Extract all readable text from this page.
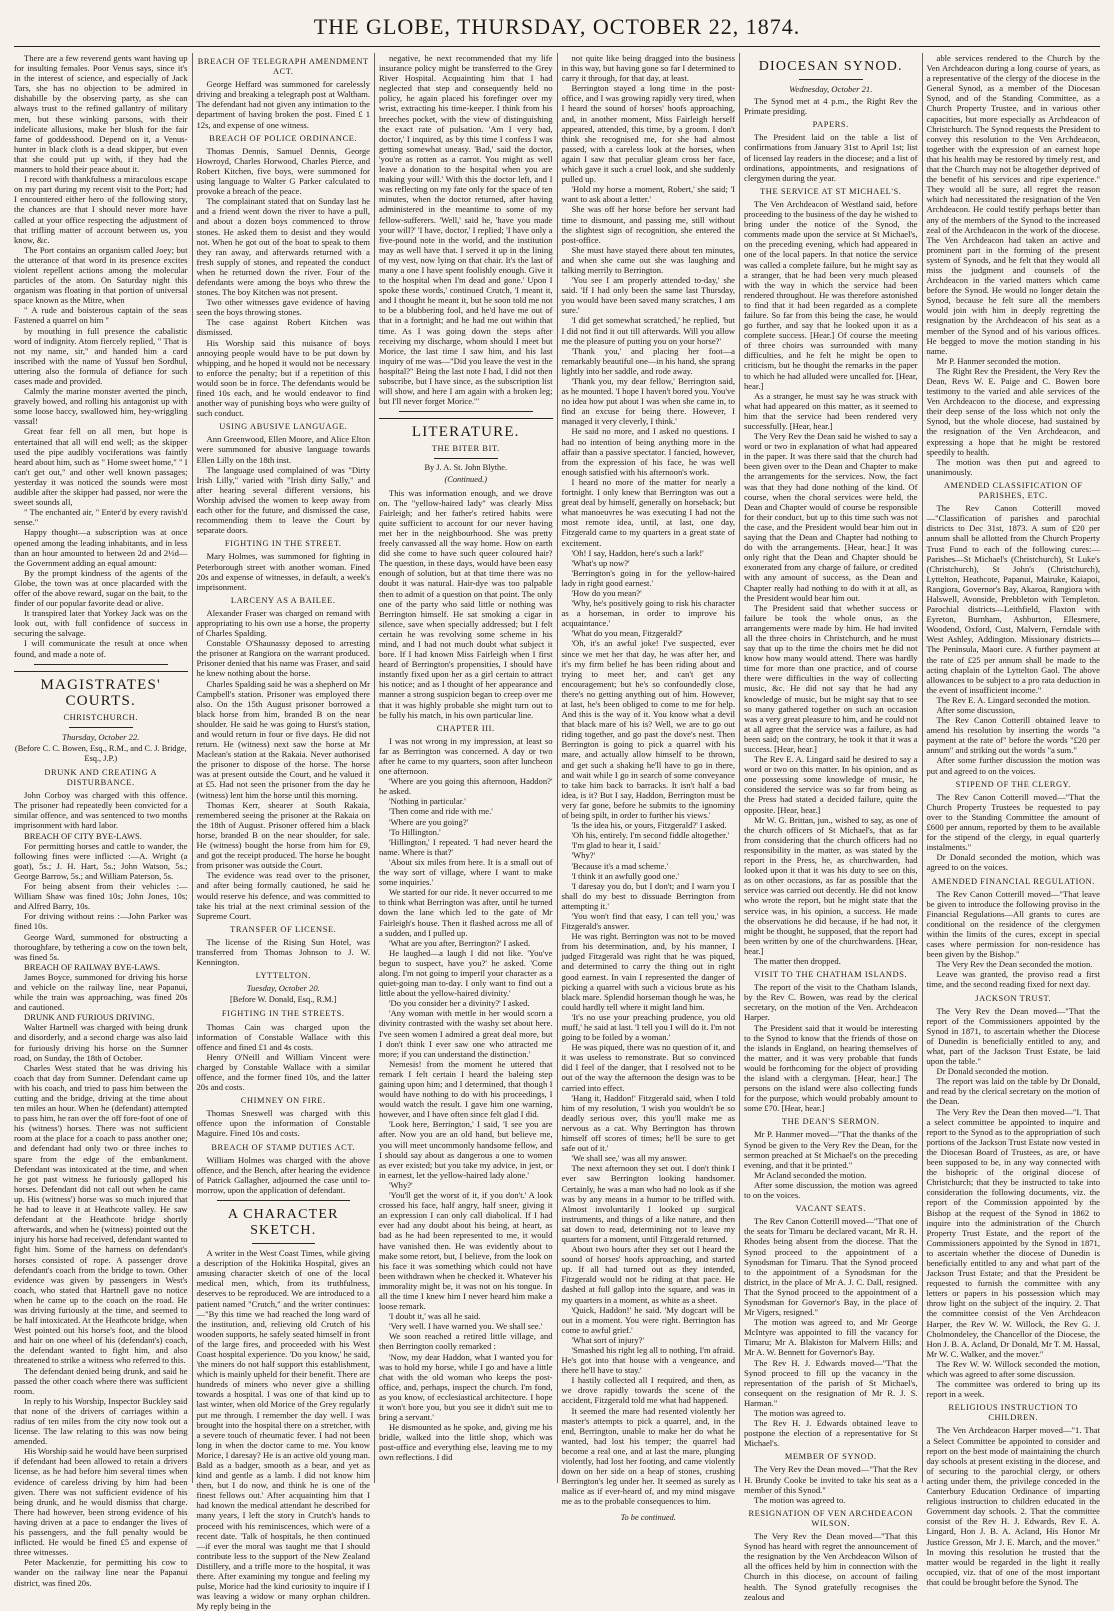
THE GLOBE, THURSDAY, OCTOBER 22, 1874.

There are a few reverend gents want having up for insulting females. Poor Venus says, since it's in the interest of science, and especially of Jack Tars, she has no objection to be admired in dishabille by the observing party, as she can always trust to the refined gallantry of military men, but these winking parsons, with their indelicate allusions, make her blush for the fair fame of goddesshood. Depend on it, a Venus-hunter in black cloth is a dead skipper, but even that she could put up with, if they had the manners to hold their peace about it.

I record with thankfulness a miraculous escape on my part during my recent visit to the Port; had I encountered either hero of the following story, the chances are that I should never more have called at your office respecting the adjustment of that trifling matter of account between us, you know, &c.

The Port contains an organism called Joey; but the utterance of that word in its presence excites violent repellent actions among the molecular particles of the atom. On Saturday night this organism was floating in that portion of universal space known as the Mitre, when

" A rude and boisterous captain of the seas Fastened a quarrel on him "

by mouthing in full presence the cabalistic word of indignity. Atom fiercely replied, " That is not my name, sir," and handed him a card inscribed with the name of Yussuf ben Sordhul, uttering also the formula of defiance for such cases made and provided.

Calmly the marine monster averted the pinch, gravely bowed, and rolling his antagonist up with some loose baccy, swallowed him, hey-wriggling vassal!

Great fear fell on all men, but hope is entertained that all will end well; as the skipper used the pipe audibly vociferations was faintly heard about him, such as " Home sweet home," " I can't get out," and other well known passages; yesterday it was noticed the sounds were most audible after the skipper had passed, nor were the sweet sounds all,

" The enchanted air, " Enter'd by every ravish'd sense."

Happy thought—a subscription was at once opened among the leading inhabitants, and in less than an hour amounted to between 2d and 2½d—the Government adding an equal amount:

By the prompt kindness of the agents of the Globe, the town was at once placarded with the offer of the above reward, sugar on the bait, to the finder of our popular favorite dead or alive.

It transpired later that Yorkey Jack was on the look out, with full confidence of success in securing the salvage.

I will communicate the result at once when found, and made a note of.

MAGISTRATES' COURTS.
CHRISTCHURCH.
Thursday, October 22.
(Before C. C. Bowen, Esq., R.M., and C. J. Bridge, Esq., J.P.)
DRUNK AND CREATING A DISTURBANCE.

John Corboy was charged with this offence. The prisoner had repeatedly been convicted for a similar offence, and was sentenced to two months imprisonment with hard labor.

BREACH OF CITY BYE-LAWS.

For permitting horses and cattle to wander, the following fines were inflicted :—A. Wright (a goat), 5s.; J. H. Hart, 5s.; John Watson, 5s.; George Barrow, 5s.; and William Paterson, 5s.

For being absent from their vehicles :—William Shaw was fined 10s; John Jones, 10s; and Alfred Barry, 10s.

For driving without reins :—John Parker was fined 10s.

George Ward, summoned for obstructing a thoroughfare, by tethering a cow on the town belt, was fined 5s.

BREACH OF RAILWAY BYE-LAWS.

James Boyce, summoned for driving his horse and vehicle on the railway line, near Papanui, while the train was approaching, was fined 20s and cautioned.

DRUNK AND FURIOUS DRIVING.

Walter Hartnell was charged with being drunk and disorderly, and a second charge was also laid for furiously driving his horse on the Sumner road, on Sunday, the 18th of October.

Charles West stated that he was driving his coach that day from Sumner. Defendant came up with his coach, and tried to pass him between the cutting and the bridge, driving at the time about ten miles an hour. When he (defendant) attempted to pass him, he ran over the off fore-foot of one of his (witness') horses. There was not sufficient room at the place for a coach to pass another one; and defendant had only two or three inches to spare from the edge of the embankment. Defendant was intoxicated at the time, and when he got past witness he furiously galloped his horses. Defendant did not call out when he came up. His (witness') horse was so much injured that he had to leave it at Heathcote valley. He saw defendant at the Heathcote bridge shortly afterwards, and when he (witness) pointed out the injury his horse had received, defendant wanted to fight him. Some of the harness on defendant's horses consisted of rope. A passenger drove defendant's coach from the bridge to town. Other evidence was given by passengers in West's coach, who stated that Hartnell gave no notice when he came up to the coach on the road. He was driving furiously at the time, and seemed to be half intoxicated. At the Heathcote bridge, when West pointed out his horse's foot, and the blood and hair on one wheel of his (defendant's) coach, the defendant wanted to fight him, and also threatened to strike a witness who referred to this.

The defendant denied being drunk, and said he passed the other coach where there was sufficient room.

In reply to his Worship, Inspector Buckley said that none of the drivers of carriages within a radius of ten miles from the city now took out a license. The law relating to this was now being amended.

His Worship said he would have been surprised if defendant had been allowed to retain a drivers license, as he had before him several times when evidence of careless driving by him had been given. There was not sufficient evidence of his being drunk, and he would dismiss that charge. There had however, been strong evidence of his having driven at a pace to endanger the lives of his passengers, and the full penalty would be inflicted. He would be fined £5 and expense of three witnesses.

Peter Mackenzie, for permitting his cow to wander on the railway line near the Papanui district, was fined 20s.

BREACH OF TELEGRAPH AMENDMENT ACT.

George Heffard was summoned for carelessly driving and breaking a telegraph post at Waltham. The defendant had not given any intimation to the department of having broken the post. Fined £ 1 12s, and expense of one witness.

BREACH OF POLICE ORDINANCE.

Thomas Dennis, Samuel Dennis, George Howroyd, Charles Horwood, Charles Pierce, and Robert Kitchen, five boys, were summoned for using language to Walter G Parker calculated to provoke a breach of the peace.

The complainant stated that on Sunday last he and a friend went down the river to have a pull, and about a dozen boys commenced to throw stones. He asked them to desist and they would not. When he got out of the boat to speak to them they ran away, and afterwards returned with a fresh supply of stones, and repeated the conduct when he returned down the river. Four of the defendants were among the boys who threw the stones. The boy Kitchen was not present.

Two other witnesses gave evidence of having seen the boys throwing stones.

The case against Robert Kitchen was dismissed.

His Worship said this nuisance of boys annoying people would have to be put down by whipping, and he hoped it would not be necessary to enforce the penalty; but if a repetition of this would soon be in force. The defendants would be fined 10s each, and he would endeavor to find another way of punishing boys who were guilty of such conduct.

USING ABUSIVE LANGUAGE.

Ann Greenwood, Ellen Moore, and Alice Elton were summoned for abusive language towards Ellen Lilly on the 18th inst.

The language used complained of was "Dirty Irish Lilly," varied with "Irish dirty Sally," and after hearing several different versions, his Worship advised the women to keep away from each other for the future, and dismissed the case, recommending them to leave the Court by separate doors.

FIGHTING IN THE STREET.

Mary Holmes, was summoned for fighting in Peterborough street with another woman. Fined 20s and expense of witnesses, in default, a week's imprisonment.

LARCENY AS A BAILEE.

Alexander Fraser was charged on remand with appropriating to his own use a horse, the property of Charles Spalding.

Constable O'Shaunassy deposed to arresting the prisoner at Rangiora on the warrant produced. Prisoner denied that his name was Fraser, and said he knew nothing about the horse.

Charles Spalding said he was a shepherd on Mr Campbell's station. Prisoner was employed there also. On the 15th August prisoner borrowed a black horse from him, branded B on the near shoulder. He said he was going to Hurst's station, and would return in four or five days. He did not return. He (witness) next saw the horse at Mr Maclean's station at the Rakaia. Never authorised the prisoner to dispose of the horse. The horse was at present outside the Court, and he valued it at £5. Had not seen the prisoner from the day he (witness) lent him the horse until this morning.

Thomas Kerr, shearer at South Rakaia, remembered seeing the prisoner at the Rakaia on the 18th of August. Prisoner offered him a black horse, branded B on the near shoulder, for sale. He (witness) bought the horse from him for £9, and got the receipt produced. The horse he bought from prisoner was outside the Court.

The evidence was read over to the prisoner, and after being formally cautioned, he said he would reserve his defence, and was committed to take his trial at the next criminal session of the Supreme Court.

TRANSFER OF LICENSE.

The license of the Rising Sun Hotel, was transferred from Thomas Johnson to J. W. Kennington.

LYTTELTON.
Tuesday, October 20.
[Before W. Donald, Esq., R.M.]
FIGHTING IN THE STREETS.

Thomas Cain was charged upon the information of Constable Wallace with this offence and fined £1 and 4s costs.

Henry O'Neill and William Vincent were charged by Constable Wallace with a similar offence, and the former fined 10s, and the latter 20s and costs.

CHIMNEY ON FIRE.

Thomas Sneswell was charged with this offence upon the information of Constable Maguire. Fined 10s and costs.

BREACH OF STAMP DUTIES ACT.

William Holmes was charged with the above offence, and the Bench, after hearing the evidence of Patrick Gallagher, adjourned the case until to-morrow, upon the application of defendant.

A CHARACTER SKETCH.

A writer in the West Coast Times, while giving a description of the Hokitika Hospital, gives an amusing character sketch of one of the local medical men, which, from its truthfulness, deserves to be reproduced. We are introduced to a patient named "Crutch," and the writer continues:—"By this time we had reached the long ward of the institution, and, relieving old Crutch of his wooden supports, he safely seated himself in front of the large fires, and proceeded with his West Coast hospital experience. 'Do you know,' he said, 'the miners do not half support this establishment, which is mainly upheld for their benefit. There are hundreds of miners who never give a shilling towards a hospital. I was one of that kind up to last winter, when old Morice of the Grey regularly put me through. I remember the day well. I was brought into the hospital there on a stretcher, with a severe touch of rheumatic fever. I had not been long in when the doctor came to me. You know Morice, I daresay? He is an active old young man. Bald as a badger, smooth as a bear, and yet as kind and gentle as a lamb. I did not know him then, but I do now, and think he is one of the finest fellows out.' After acquainting him that I had known the medical attendant he described for many years, I left the story in Crutch's hands to proceed with his reminiscences, which were of a recent date. 'Talk of hospitals, he then continued—if ever the moral was taught me that I should contribute less to the support of the New Zealand Distillery, and a trifle more to the hospital, it was there. After examining my tongue and feeling my pulse, Morice had the kind curiosity to inquire if I was leaving a widow or many orphan children. My reply being in the

negative, he next recommended that my life insurance policy might be transferred to the Grey River Hospital. Acquainting him that I had neglected that step and consequently held no policy, he again placed his forefinger over my wrist, extracting his time-keeper. I think from his breeches pocket, with the view of distinguishing the exact rate of pulsation. 'Am I very bad, doctor,' I inquired, as by this time I confess I was getting somewhat uneasy. 'Bad,' said the doctor, 'you're as rotten as a carrot. You might as well leave a donation to the hospital when you are making your will.' With this the doctor left, and I was reflecting on my fate only for the space of ten minutes, when the doctor returned, after having administered in the meantime to some of my fellow-sufferers. 'Well,' said he, 'have you made your will?' 'I have, doctor,' I replied; 'I have only a five-pound note in the world, and the institution may as well have that. I served it up in the lining of my vest, now lying on that chair. It's the last of many a one I have spent foolishly enough. Give it to the hospital when I'm dead and gone.' Upon I spoke these words,' continued Crutch, 'I meant it, and I thought he meant it, but he soon told me not to be a blubbering fool, and he'd have me out of that in a fortnight; and he had me out within that time. As I was going down the steps after receiving my discharge, whom should I meet but Morice, the last time I saw him, and his last inquiry of me was—"Did you leave the vest in the hospital?" Being the last note I had, I did not then subscribe, but I have since, as the subscription list will show, and here I am again with a broken leg; but I'll never forget Morice.'"

LITERATURE.
THE BITER BIT.
By J. A. St. John Blythe.
(Continued.)

This was information enough, and we drove on. The "yellow-haired lady" was clearly Miss Fairleigh; and her father's retired habits were quite sufficient to account for our never having met her in the neighbourhood. She was pretty freely canvassed all the way home. How on earth did she come to have such queer coloured hair? The question, in these days, would have been easy enough of solution, but at that time there was no doubt it was natural. Hair-dye was too palpable then to admit of a question on that point. The only one of the party who said little or nothing was Berrington himself. He sat smoking a cigar in silence, save when specially addressed; but I felt certain he was revolving some scheme in his mind, and I had not much doubt what subject it bore. If I had known Miss Fairleigh when I first heard of Berrington's propensities, I should have instantly fixed upon her as a girl certain to attract his notice; and as I thought of her appearance and manner a strong suspicion began to creep over me that it was highly probable she might turn out to be fully his match, in his own particular line.

CHAPTER III.

I was not wrong in my impression, at least so far as Berrington was concerned. A day or two after he came to my quarters, soon after luncheon one afternoon.

'Where are you going this afternoon, Haddon?' he asked.

'Nothing in particular.'

'Then come and ride with me.'

'Where are you going?'

'To Hillington.'

'Hillington,' I repeated. 'I had never heard the name. Where is that?'

'About six miles from here. It is a small out of the way sort of village, where I want to make some inquiries.'

We started for our ride. It never occurred to me to think what Berrington was after, until he turned down the lane which led to the gate of Mr Fairleigh's house. Then it flashed across me all of a sudden, and I pulled up.

'What are you after, Berrington?' I asked.

He laughed—a laugh I did not like. 'You've begun to suspect, have you?' he asked. 'Come along. I'm not going to imperil your character as a quiet-going man to-day. I only want to find out a little about the yellow-haired divinity.'

'Do you consider her a divinity?' I asked.

'Any woman with mettle in her would scorn a divinity contrasted with the washy set about here. I've seen women I admired a great deal more, but I don't think I ever saw one who attracted me more; if you can understand the distinction.'

Nemesis! from the moment he uttered that remark I felt certain I heard the baleing step gaining upon him; and I determined, that though I would have nothing to do with his proceedings, I would watch the result. I gave him one warning, however, and I have often since felt glad I did.

'Look here, Berrington,' I said, 'I see you are after. Now you are an old hand, but believe me, you will meet uncommonly handsome fellow, and I should say about as dangerous a one to women as ever existed; but you take my advice, in jest, or in earnest, let the yellow-haired lady alone.'

'Why?'

'You'll get the worst of it, if you don't.' A look crossed his face, half angry, half sneer, giving it an expression I can only call diabolical. If I had ever had any doubt about his being, at heart, as bad as he had been represented to me, it would have vanished then. He was evidently about to make some retort, but, I believe, from the look on his face it was something which could not have been withdrawn when he checked it. Whatever his immorality might be, it was not on his tongue. In all the time I knew him I never heard him make a loose remark.

'I doubt it,' was all he said.

'Very well. I have warned you. We shall see.'

We soon reached a retired little village, and then Berrington coolly remarked :

'Now, my dear Haddon, what I wanted you for was to hold my horse, while I go and have a little chat with the old woman who keeps the post-office, and, perhaps, inspect the church. I'm fond, as you know, of ecclesiastical architecture. I hope it won't bore you, but you see it didn't suit me to bring a servant.'

He dismounted as he spoke, and, giving me his bridle, walked into the little shop, which was post-office and everything else, leaving me to my own reflections. I did

not quite like being dragged into the business in this way, but having gone so far I determined to carry it through, for that day, at least.

Berrington stayed a long time in the post-office, and I was growing rapidly very tired, when I heard the sound of horses' hoofs approaching, and, in another moment, Miss Fairleigh herself appeared, attended, this time, by a groom. I don't think she recognised me, for she had almost passed, with a careless look at the horses, when again I saw that peculiar gleam cross her face, which gave it such a cruel look, and she suddenly pulled up.

'Hold my horse a moment, Robert,' she said; 'I want to ask about a letter.'

She was off her horse before her servant had time to dismount, and passing me, still without the slightest sign of recognition, she entered the post-office.

She must have stayed there about ten minutes, and when she came out she was laughing and talking merrily to Berrington.

'You see I am properly attended to-day,' she said. 'If I had only been the same last Thursday, you would have been saved many scratches, I am sure.'

'I did get somewhat scratched,' he replied, 'but I did not find it out till afterwards. Will you allow me the pleasure of putting you on your horse?'

'Thank you,' and placing her foot—a remarkably beautiful one—in his hand, she sprang lightly into her saddle, and rode away.

'Thank you, my dear fellow,' Berrington said, as he mounted. 'I hope I haven't bored you. You've no idea how put about I was when she came in, to find an excuse for being there. However, I managed it very cleverly, I think.'

He said no more, and I asked no questions. I had no intention of being anything more in the affair than a passive spectator. I fancied, however, from the expression of his face, he was well enough satisfied with his afternoon's work.

I heard no more of the matter for nearly a fortnight. I only knew that Berrington was out a great deal by himself, generally on horseback; but what manoeuvres he was executing I had not the most remote idea, until, at last, one day, Fitzgerald came to my quarters in a great state of excitement.

'Oh! I say, Haddon, here's such a lark!'

'What's up now?'

'Berrington's going in for the yellow-haired lady in right good earnest.'

'How do you mean?'

'Why, he's positively going to risk his character as a horseman, in order to improve his acquaintance.'

'What do you mean, Fitzgerald?'

'Oh, it's an awful joke! I've suspected, ever since we met her that day, he was after her, and it's my firm belief he has been riding about and trying to meet her, and can't get any encouragement; but he's so confoundedly close, there's no getting anything out of him. However, at last, he's been obliged to come to me for help. And this is the way of it. You know what a devil that black mare of his is? Well, we are to go out riding together, and go past the dove's nest. Then Berrington is going to pick a quarrel with his mare, and actually allow himself to be thrown, and get such a shaking he'll have to go in there, and wait while I go in search of some conveyance to take him back to barracks. It isn't half a bad idea, is it? But I say, Haddon, Berrington must be very far gone, before he submits to the ignominy of being spilt, in order to further his views.'

'Is the idea his, or yours, Fitzgerald?' I asked.

'Oh his, entirely. I'm second fiddle altogether.'

'I'm glad to hear it, I said.'

'Why?'

'Because it's a mad scheme.'

'I think it an awfully good one.'

'I daresay you do, but I don't; and I warn you I shall do my best to dissuade Berrington from attempting it.'

'You won't find that easy, I can tell you,' was Fitzgerald's answer.

He was right. Berrington was not to be moved from his determination, and, by his manner, I judged Fitzgerald was right that he was piqued, and determined to carry the thing out in right good earnest. In vain I represented the danger of picking a quarrel with such a vicious brute as his black mare. Splendid horseman though he was, he could hardly tell where it might land him.

'It's no use your preaching prudence, you old muff,' he said at last. 'I tell you I will do it. I'm not going to be foiled by a woman.'

He was piqued, there was no question of it, and it was useless to remonstrate. But so convinced did I feel of the danger, that I resolved not to be out of the way the afternoon the design was to be carried into effect.

'Hang it, Haddon!' Fitzgerald said, when I told him of my resolution, 'I wish you wouldn't be so deadly serious over, this you'll make me as nervous as a cat. Why Berrington has thrown himself off scores of times; he'll be sure to get safe out of it.'

'We shall see,' was all my answer.

The next afternoon they set out. I don't think I ever saw Berrington looking handsomer. Certainly, he was a man who had no look as if she was by any means in a humor to be trifled with. Almost involuntarily I looked up surgical instruments, and things of a like nature, and then sat down to read, determining not to leave my quarters for a moment, until Fitzgerald returned.

About two hours after they set out I heard the sound of horses' hoofs approaching, and started up. If all had turned out as they intended, Fitzgerald would not be riding at that pace. He dashed at full gallop into the square, and was in my quarters in a moment, as white as a sheet.

'Quick, Haddon!' he said. 'My dogcart will be out in a moment. You were right. Berrington has come to awful grief.'

'What sort of injury?'

'Smashed his right leg all to nothing, I'm afraid. He's got into that house with a vengeance, and there he'll have to stay.'

I hastily collected all I required, and then, as we drove rapidly towards the scene of the accident, Fitzgerald told me what had happened.

It seemed the mare had resented violently her master's attempts to pick a quarrel, and, in the end, Berrington, unable to make her do what he wanted, had lost his temper; the quarrel had become a real one, and at last the mare, plunging violently, had lost her footing, and came violently down on her side on a heap of stones, crushing Berrington's leg under her. It seemed as surely as malice as if ever-heard of, and my mind misgave me as to the probable consequences to him.

To be continued.
DIOCESAN SYNOD.
Wednesday, October 21.

The Synod met at 4 p.m., the Right Rev the Primate presiding.

PAPERS.

The President laid on the table a list of confirmations from January 31st to April 1st; list of licensed lay readers in the diocese; and a list of ordinations, appointments, and resignations of clergymen during the year.

THE SERVICE AT ST MICHAEL'S.

The Ven Archdeacon of Westland said, before proceeding to the business of the day he wished to bring under the notice of the Synod, the comments made upon the service at St Michael's, on the preceding evening, which had appeared in one of the local papers. In that notice the service was called a complete failure, but he might say as a stranger, that he had been very much pleased with the way in which the service had been rendered throughout. He was therefore astonished to find that it had been regarded as a complete failure. So far from this being the case, he would go further, and say that he looked upon it as a complete success. [Hear.] Of course the meeting of three choirs was surrounded with many difficulties, and he felt he might be open to criticism, but he thought the remarks in the paper to which he had alluded were uncalled for. [Hear, hear.]

As a stranger, he must say he was struck with what had appeared on this matter, as it seemed to him that the service had been rendered very successfully. [Hear, hear.]

The Very Rev the Dean said he wished to say a word or two in explanation of what had appeared in the paper. It was there said that the church had been given over to the Dean and Chapter to make the arrangements for the services. Now, the fact was that they had done nothing of the kind. Of course, when the choral services were held, the Dean and Chapter would of course be responsible for their conduct, but up to this time such was not the case, and the President would bear him out in saying that the Dean and Chapter had nothing to do with the arrangements. [Hear, hear.] It was only right that the Dean and Chapter should be exonerated from any charge of failure, or credited with any amount of success, as the Dean and Chapter really had nothing to do with it at all, as the President would bear him out.

The President said that whether success or failure be took the whole onus, as the arrangements were made by him. He had invited all the three choirs in Christchurch, and he must say that up to the time the choirs met he did not know how many would attend. There was hardly time for more than one practice, and of course there were difficulties in the way of collecting music, &c. He did not say that he had any knowledge of music, but he might say that to see so many gathered together on such an occasion was a very great pleasure to him, and he could not at all agree that the service was a failure, as had been said; on the contrary, he took it that it was a success. [Hear, hear.]

The Rev E. A. Lingard said he desired to say a word or two on this matter. In his opinion, and as one possessing some knowledge of music, he considered the service was so far from being as the Press had stated a decided failure, quite the opposite. [Hear, hear.]

Mr W. G. Brittan, jun., wished to say, as one of the church officers of St Michael's, that as far from considering that the church officers had no responsibility in the matter, as was stated by the report in the Press, he, as churchwarden, had looked upon it that it was his duty to see on this, as on other occasions, as far as possible that the service was carried out decently. He did not know who wrote the report, but he might state that the service was, in his opinion, a success. He made the observations he did because, if he had not, it might be thought, he supposed, that the report had been written by one of the churchwardens. [Hear, hear.]

The matter then dropped.

VISIT TO THE CHATHAM ISLANDS.

The report of the visit to the Chatham Islands, by the Rev C. Bowen, was read by the clerical secretary, on the motion of the Ven. Archdeacon Harper.

The President said that it would be interesting to the Synod to know that the friends of those on the islands in England, on hearing themselves of the matter, and it was very probable that funds would be forthcoming for the object of providing the island with a clergyman. [Hear, hear.] The persons on the island were also collecting funds for the purpose, which would probably amount to some £70. [Hear, hear.]

THE DEAN'S SERMON.

Mr P. Hanmer moved—"That the thanks of the Synod be given to the Very Rev the Dean, for the sermon preached at St Michael's on the preceding evening, and that it be printed."

Mr Acland seconded the motion.

After some discussion, the motion was agreed to on the voices.

VACANT SEATS.

The Rev Canon Cotterill moved—"That one of the seats for Timaru be declared vacant, Mr R. H. Rhodes being absent from the diocese. That the Synod proceed to the appointment of a Synodsman for Timaru. That the Synod proceed to the appointment of a Synodsman for the district, in the place of Mr A. J. C. Dall, resigned. That the Synod proceed to the appointment of a Synodsman for Governor's Bay, in the place of Mr Vigers, resigned."

The motion was agreed to, and Mr George McIntyre was appointed to fill the vacancy for Timaru; Mr A. Blakiston for Malvern Hills; and Mr A. W. Bennett for Governor's Bay.

The Rev H. J. Edwards moved—"That the Synod proceed to fill up the vacancy in the representation of the parish of St Michael's, consequent on the resignation of Mr R. J. S. Harman."

The motion was agreed to.

The Rev H. J. Edwards obtained leave to postpone the election of a representative for St Michael's.

MEMBER OF SYNOD.

The Very Rev the Dean moved—"That the Rev H. Brundy Cooke be invited to take his seat as a member of this Synod."

The motion was agreed to.

RESIGNATION OF VEN ARCHDEACON WILSON.

The Very Rev the Dean moved—"That this Synod has heard with regret the announcement of the resignation by the Ven Archdeacon Wilson of all the offices held by him in connection with the Church in this diocese, on account of failing health. The Synod gratefully recognises the zealous and

able services rendered to the Church by the Ven Archdeacon during a long course of years, as a representative of the clergy of the diocese in the General Synod, as a member of the Diocesan Synod, and of the Standing Committee, as a Church Property Trustee, and in various other capacities, but more especially as Archdeacon of Christchurch. The Synod requests the President to convey this resolution to the Ven Archdeacon, together with the expression of an earnest hope that his health may be restored by timely rest, and that the Church may not be altogether deprived of the benefit of his services and ripe experience." They would all be sure, all regret the reason which had necessitated the resignation of the Ven Archdeacon. He could testify perhaps better than any of the members of the Synod to the increased zeal of the Archdeacon in the work of the diocese. The Ven Archdeacon had taken an active and prominent part in the forming of the present system of Synods, and he felt that they would all miss the judgment and counsels of the Archdeacon in the varied matters which came before the Synod. He would no longer detain the Synod, because he felt sure all the members would join with him in deeply regretting the resignation by the Archdeacon of his seat as a member of the Synod and of his various offices. He begged to move the motion standing in his name.

Mr P. Hanmer seconded the motion.

The Right Rev the President, the Very Rev the Dean, Revs W. E. Paige and C. Bowen bore testimony to the varied and able services of the Ven Archdeacon to the diocese, and expressing their deep sense of the loss which not only the Synod, but the whole diocese, had sustained by the resignation of the Ven Archdeacon, and expressing a hope that he might be restored speedily to health.

The motion was then put and agreed to unanimously.

AMENDED CLASSIFICATION OF PARISHES, ETC.

The Rev Canon Cotterill moved—"Classification of parishes and parochial districts to Dec 31st, 1873. A sum of £20 per annum shall be allotted from the Church Property Trust Fund to each of the following cures:—Parishes—St Michael's (Christchurch), St Luke's (Christchurch), St John's (Christchurch), Lyttelton, Heathcote, Papanui, Mairuke, Kaiapoi, Rangiora, Governor's Bay, Akaroa, Rangiora with Halswell, Avonside, Prebbleton with Templeton. Parochial districts—Leithfield, Flaxton with Eyreton, Burnham, Ashburton, Ellesmere, Woodend, Oxford, Cust, Malvern, Ferndale with West Ashley, Addington. Missionary districts—The Peninsula, Maori cure. A further payment at the rate of £25 per annum shall be made to the acting chaplain of the Lyttelton Gaol. The above allowances to be subject to a pro rata deduction in the event of insufficient income."

The Rev E. A. Lingard seconded the motion.

After some discussion,

The Rev Canon Cotterill obtained leave to amend his resolution by inserting the words "a payment at the rate of" before the words "£20 per annum" and striking out the words "a sum."

After some further discussion the motion was put and agreed to on the voices.

STIPEND OF THE CLERGY.

The Rev Canon Cotterill moved—"That the Church Property Trustees be requested to pay over to the Standing Committee the amount of £600 per annum, reported by them to be available for the stipend of the clergy, in equal quarterly instalments."

Dr Donald seconded the motion, which was agreed to on the voices.

AMENDED FINANCIAL REGULATION.

The Rev Canon Cotterill moved—"That leave be given to introduce the following proviso in the Financial Regulations—All grants to cures are conditional on the residence of the clergymen within the limits of the cures, except in special cases where permission for non-residence has been given by the Bishop."

The Very Rev the Dean seconded the motion.

Leave was granted, the proviso read a first time, and the second reading fixed for next day.

JACKSON TRUST.

The Very Rev the Dean moved—"That the report of the Commissioners appointed by the Synod in 1871, to ascertain whether the Diocese of Dunedin is beneficially entitled to any, and what, part of the Jackson Trust Estate, be laid upon the table."

Dr Donald seconded the motion.

The report was laid on the table by Dr Donald, and read by the clerical secretary on the motion of the Dean.

The Very Rev the Dean then moved—"I. That a select committee be appointed to inquire and report to the Synod as to the appropriation of such portions of the Jackson Trust Estate now vested in the Diocesan Board of Trustees, as are, or have been supposed to be, in any way connected with the bishopric of the original diocese of Christchurch; that they be instructed to take into consideration the following documents, viz. the report of the Commission appointed by the Bishop at the request of the Synod in 1862 to inquire into the administration of the Church Property Trust Estate, and the report of the Commissioners appointed by the Synod in 1871, to ascertain whether the diocese of Dunedin is beneficially entitled to any and what part of the Jackson Trust Estate; and that the President be requested to furnish the committee with any letters or papers in his possession which may throw light on the subject of the inquiry. 2. That the committee consist of the Ven Archdeacon Harper, the Rev W. W. Willock, the Rev G. J. Cholmondeley, the Chancellor of the Diocese, the Hon J. B. A. Acland, Dr Donald, Mr T. M. Hassal, Mr W. C. Walker, and the mover."

The Rev W. W. Willock seconded the motion, which was agreed to after some discussion.

The committee was ordered to bring up its report in a week.

RELIGIOUS INSTRUCTION TO CHILDREN.

The Ven Archdeacon Harper moved—"1. That a Select Committee be appointed to consider and report on the best mode of maintaining the church day schools at present existing in the diocese, and of securing to the parochial clergy, or others acting under them, the privilege conceded in the Canterbury Education Ordinance of imparting religious instruction to children educated in the Government day schools. 2. That the committee consist of the Rev H. J. Edwards, Rev E. A. Lingard, Hon J. B. A. Acland, His Honor Mr Justice Gresson, Mr J. E. March, and the mover." In moving this resolution he trusted that the matter would be regarded in the light it really occupied, viz. that of one of the most important that could be brought before the Synod. The
